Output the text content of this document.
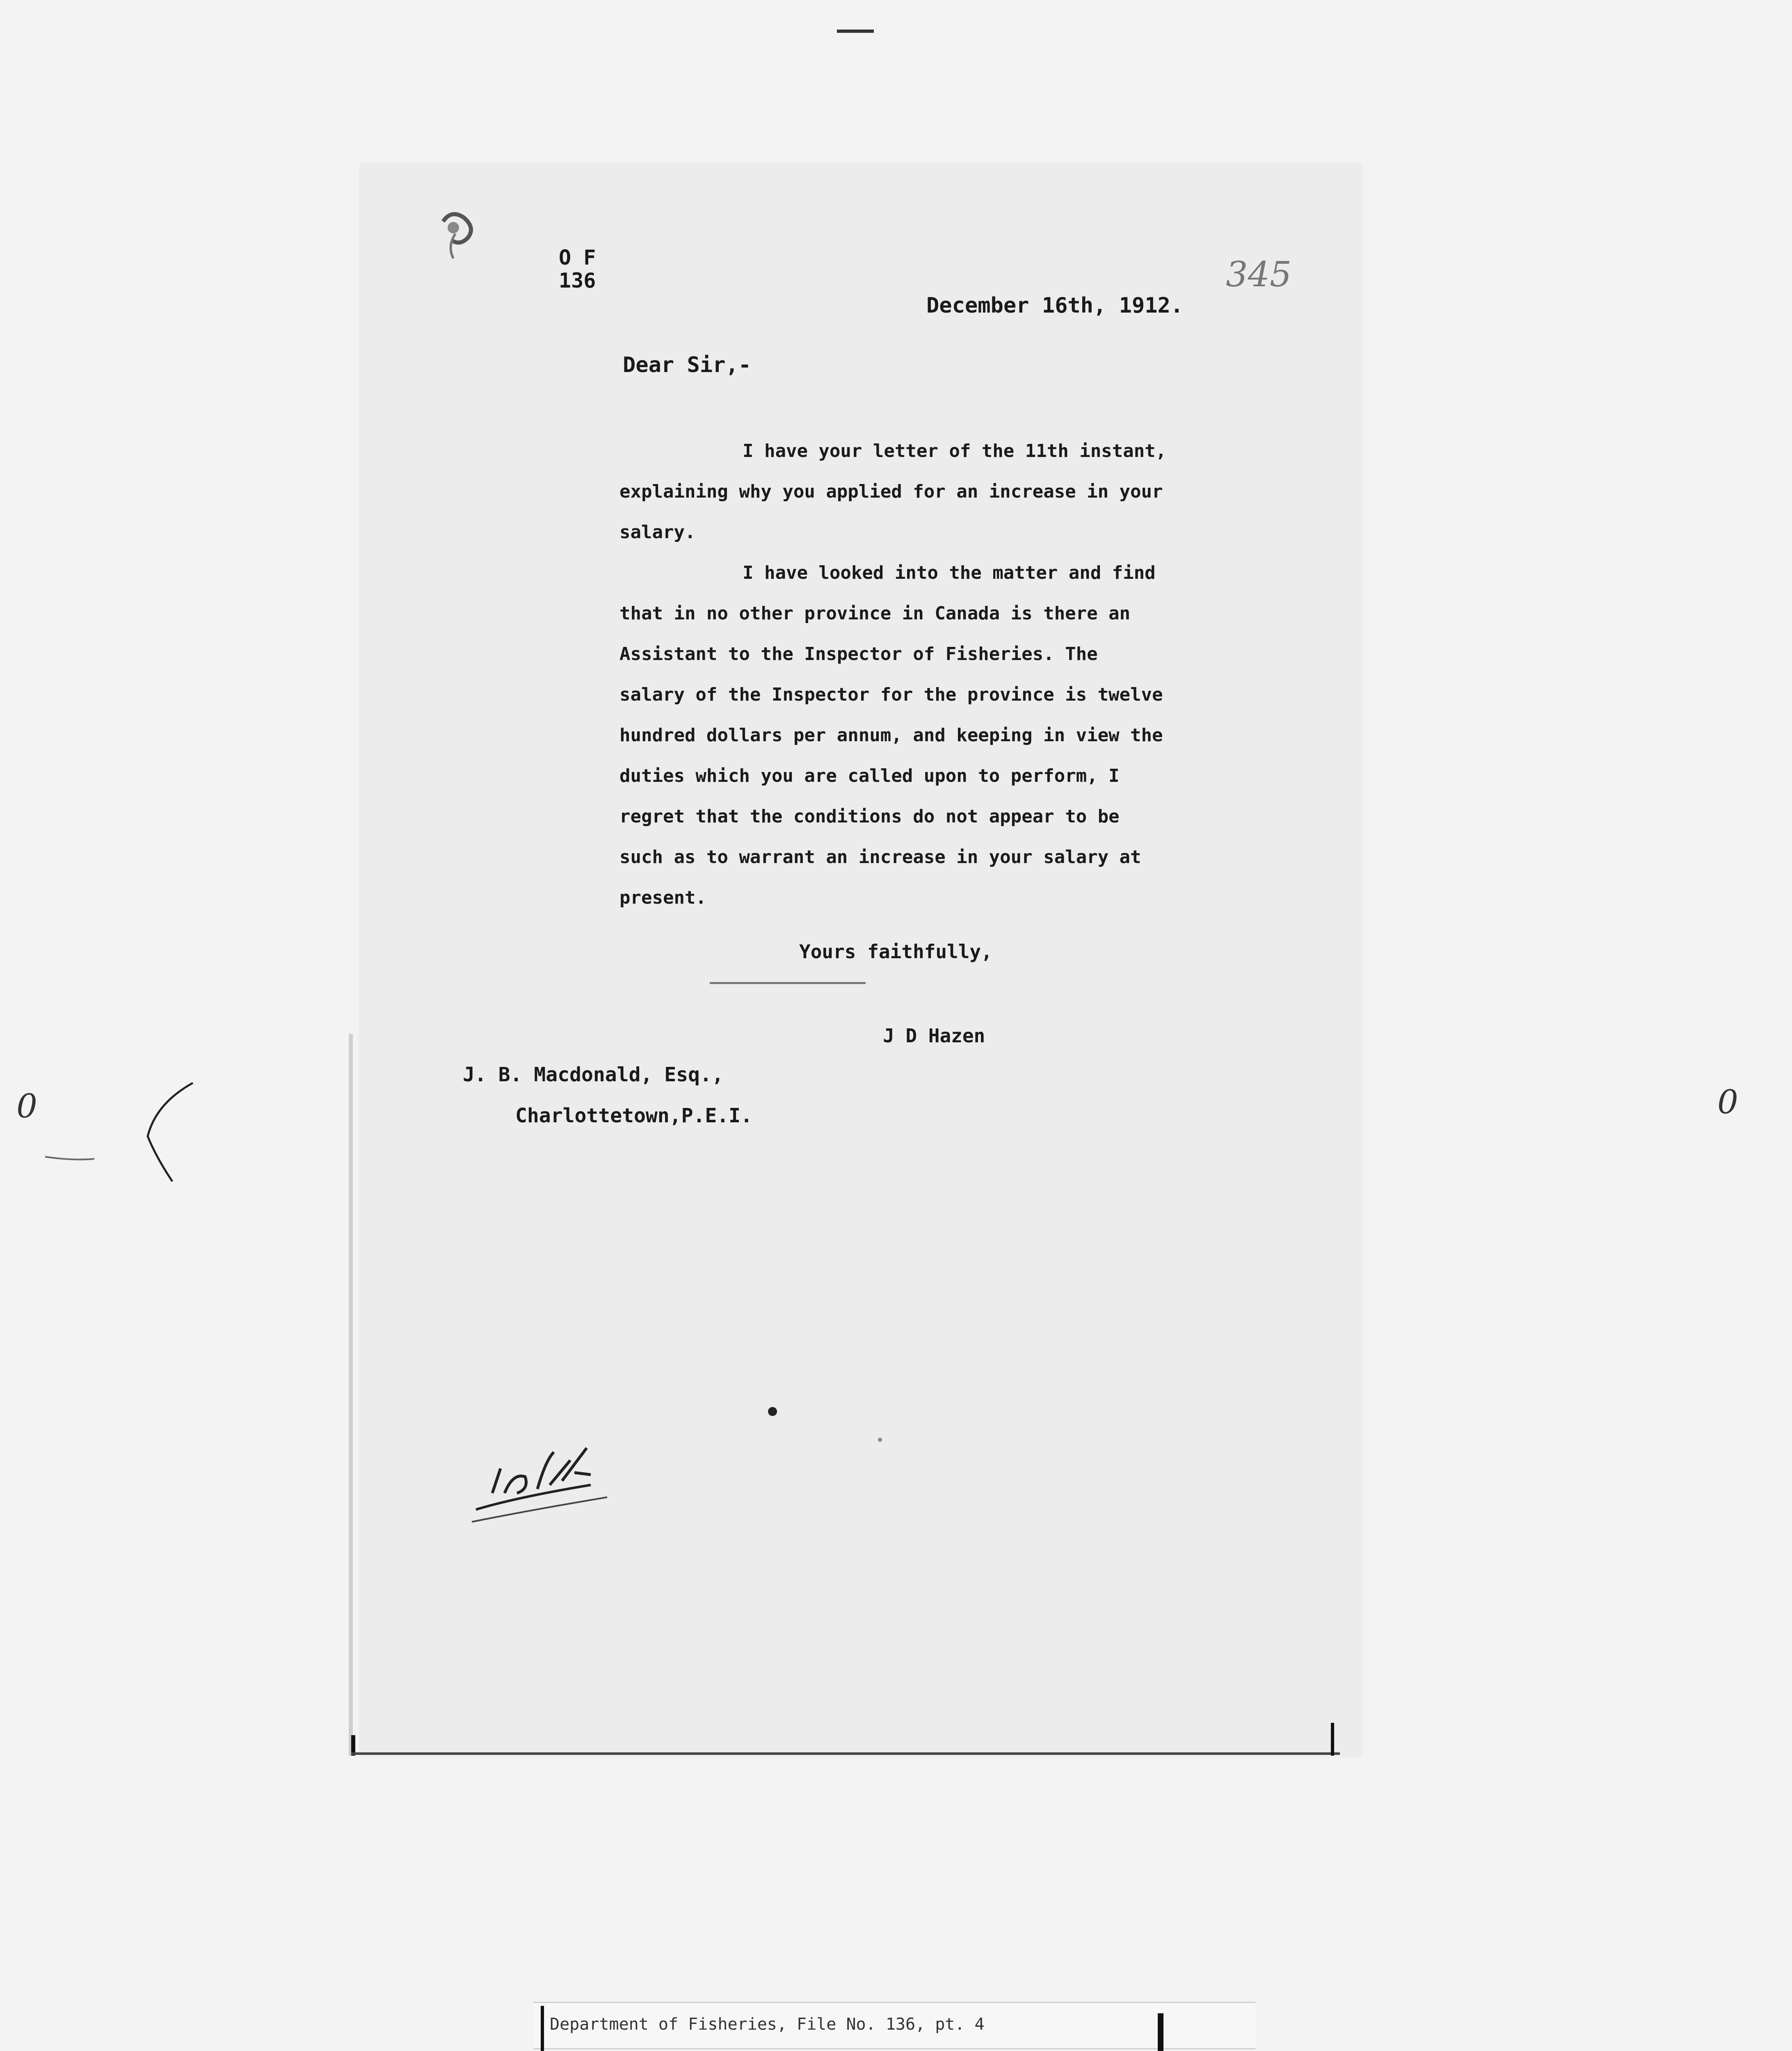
O F
136	345
December 16th, 1912.
Dear Sir,-

I have your letter of the 11th instant,
explaining why you applied for an increase in your
salary.

I have looked into the matter and find
that in no other province in Canada is there an
Assistant to the Inspector of Fisheries. The
salary of the Inspector for the province is twelve
hundred dollars per annum, and keeping in view the
duties which you are called upon to perform, I
regret that the conditions do not appear to be
such as to warrant an increase in your salary at
present.

Yours faithfully,
J D Hazen
J. B. Macdonald, Esq.,
Charlottetown,P.E.I.
0	0
Department of Fisheries, File No. 136, pt. 4
